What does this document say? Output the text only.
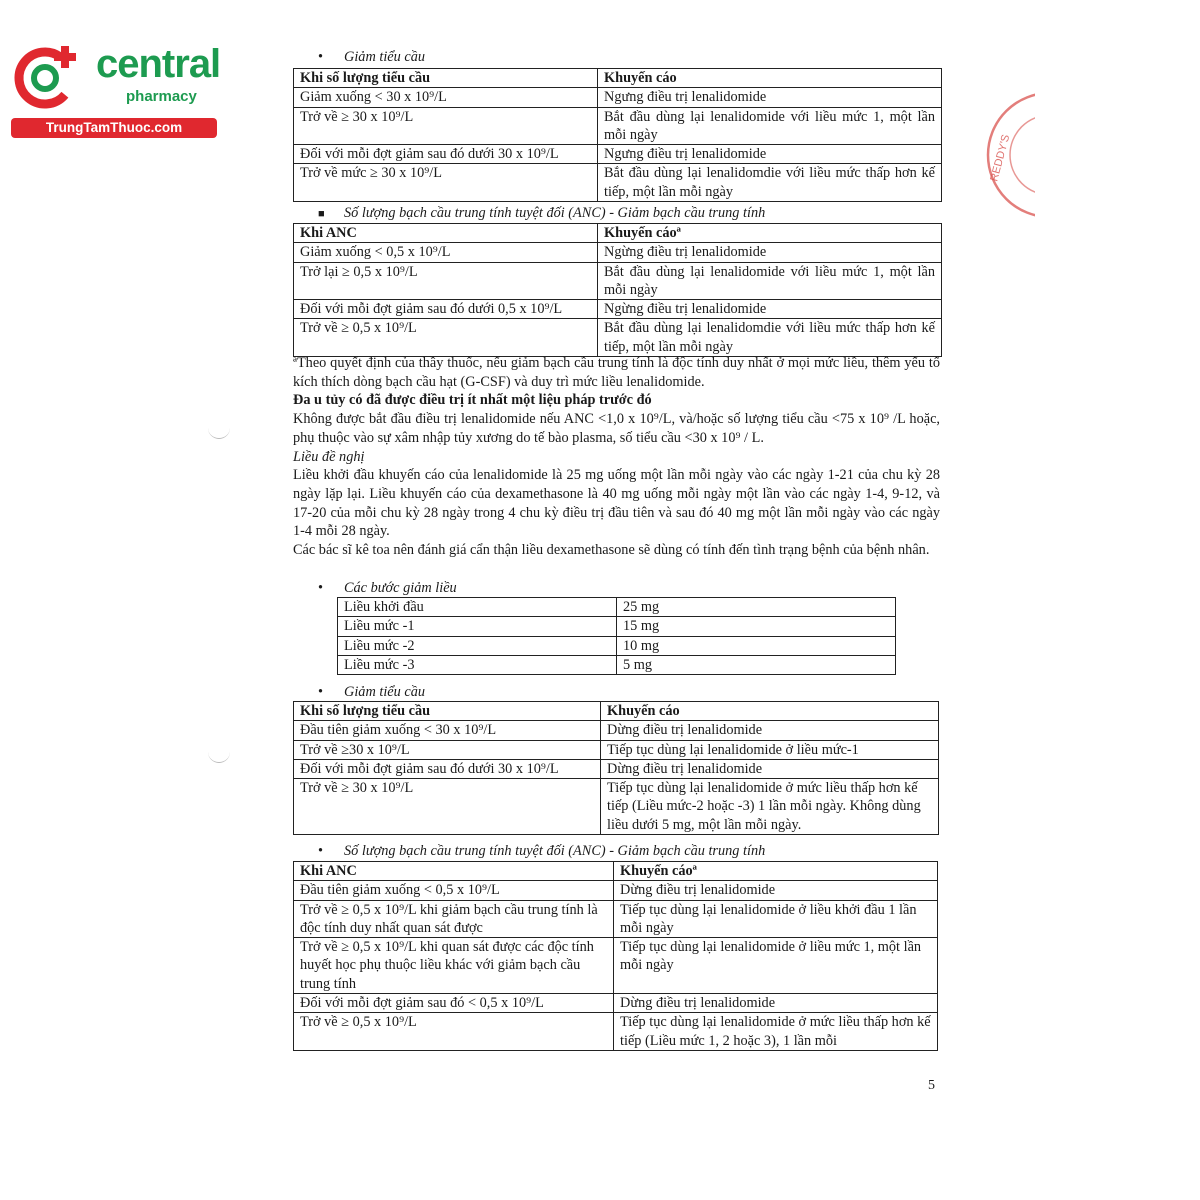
central
pharmacy
TrungTamThuoc.com
REDDY'S
• Giảm tiểu cầu
Khi số lượng tiểu cầu	Khuyến cáo
Giảm xuống < 30 x 10⁹/L	Ngưng điều trị lenalidomide
Trở về ≥ 30 x 10⁹/L	Bắt đầu dùng lại lenalidomide với liều mức 1, một lần mỗi ngày
Đối với mỗi đợt giảm sau đó dưới 30 x 10⁹/L	Ngưng điều trị lenalidomide
Trở về mức ≥ 30 x 10⁹/L	Bắt đầu dùng lại lenalidomdie với liều mức thấp hơn kế tiếp, một lần mỗi ngày
■ Số lượng bạch cầu trung tính tuyệt đối (ANC) - Giảm bạch cầu trung tính
Khi ANC	Khuyến cáoª
Giảm xuống < 0,5 x 10⁹/L	Ngừng điều trị lenalidomide
Trở lại ≥ 0,5 x 10⁹/L	Bắt đầu dùng lại lenalidomide với liều mức 1, một lần mỗi ngày
Đối với mỗi đợt giảm sau đó dưới 0,5 x 10⁹/L	Ngừng điều trị lenalidomide
Trở về ≥ 0,5 x 10⁹/L	Bắt đầu dùng lại lenalidomdie với liều mức thấp hơn kế tiếp, một lần mỗi ngày

ªTheo quyết định của thầy thuốc, nếu giảm bạch cầu trung tính là độc tính duy nhất ở mọi mức liều, thêm yếu tố kích thích dòng bạch cầu hạt (G-CSF) và duy trì mức liều lenalidomide.

Đa u tủy có đã được điều trị ít nhất một liệu pháp trước đó

Không được bắt đầu điều trị lenalidomide nếu ANC <1,0 x 10⁹/L, và/hoặc số lượng tiểu cầu <75 x 10⁹ /L hoặc, phụ thuộc vào sự xâm nhập tủy xương do tế bào plasma, số tiểu cầu <30 x 10⁹ / L.

Liều đề nghị

Liều khởi đầu khuyến cáo của lenalidomide là 25 mg uống một lần mỗi ngày vào các ngày 1-21 của chu kỳ 28 ngày lặp lại. Liều khuyến cáo của dexamethasone là 40 mg uống mỗi ngày một lần vào các ngày 1-4, 9-12, và 17-20 của mỗi chu kỳ 28 ngày trong 4 chu kỳ điều trị đầu tiên và sau đó 40 mg một lần mỗi ngày vào các ngày 1-4 mỗi 28 ngày.

Các bác sĩ kê toa nên đánh giá cẩn thận liều dexamethasone sẽ dùng có tính đến tình trạng bệnh của bệnh nhân.

• Các bước giảm liều
Liều khởi đầu	25 mg
Liều mức -1	15 mg
Liều mức -2	10 mg
Liều mức -3	5 mg
• Giảm tiểu cầu
Khi số lượng tiểu cầu	Khuyến cáo
Đầu tiên giảm xuống < 30 x 10⁹/L	Dừng điều trị lenalidomide
Trở về ≥30 x 10⁹/L	Tiếp tục dùng lại lenalidomide ở liều mức-1
Đối với mỗi đợt giảm sau đó dưới 30 x 10⁹/L	Dừng điều trị lenalidomide
Trở về ≥ 30 x 10⁹/L	Tiếp tục dùng lại lenalidomide ở mức liều thấp hơn kế tiếp (Liều mức-2 hoặc -3) 1 lần mỗi ngày. Không dùng liều dưới 5 mg, một lần mỗi ngày.
• Số lượng bạch cầu trung tính tuyệt đối (ANC) - Giảm bạch cầu trung tính
Khi ANC	Khuyến cáoª
Đầu tiên giảm xuống < 0,5 x 10⁹/L	Dừng điều trị lenalidomide
Trở về ≥ 0,5 x 10⁹/L khi giảm bạch cầu trung tính là độc tính duy nhất quan sát được	Tiếp tục dùng lại lenalidomide ở liều khởi đầu 1 lần mỗi ngày
Trở về ≥ 0,5 x 10⁹/L khi quan sát được các độc tính huyết học phụ thuộc liều khác với giảm bạch cầu trung tính	Tiếp tục dùng lại lenalidomide ở liều mức 1, một lần mỗi ngày
Đối với mỗi đợt giảm sau đó < 0,5 x 10⁹/L	Dừng điều trị lenalidomide
Trở về ≥ 0,5 x 10⁹/L	Tiếp tục dùng lại lenalidomide ở mức liều thấp hơn kế tiếp (Liều mức 1, 2 hoặc 3), 1 lần mỗi
5
